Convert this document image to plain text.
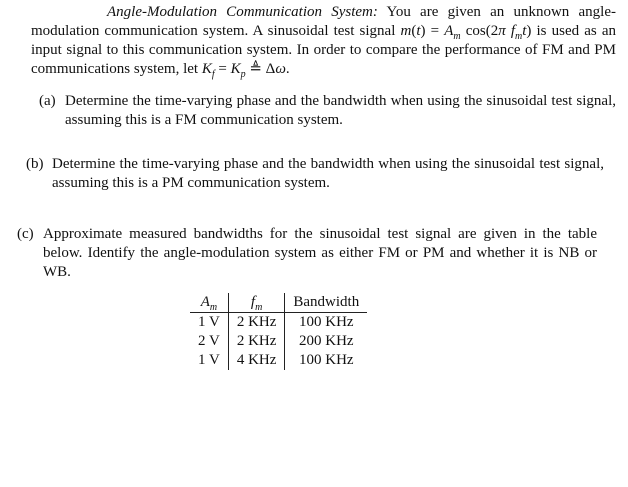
Angle-Modulation Communication System: You are given an unknown angle-modulation communication system. A sinusoidal test signal $m(t) = A_m$ cos(2π $f_mt$) is used as an input signal to this communication system. In order to compare the performance of FM and PM communications system, let $K_f = K_p$ ≜ Δω.
(a) Determine the time-varying phase and the bandwidth when using the sinusoidal test signal, assuming this is a FM communication system.
(b) Determine the time-varying phase and the bandwidth when using the sinusoidal test signal, assuming this is a PM communication system.
(c) Approximate measured bandwidths for the sinusoidal test signal are given in the table below. Identify the angle-modulation system as either FM or PM and whether it is NB or WB.
$A_m$	$f_m$	Bandwidth
1 V	2 KHz	100 KHz
2 V	2 KHz	200 KHz
1 V	4 KHz	100 KHz
